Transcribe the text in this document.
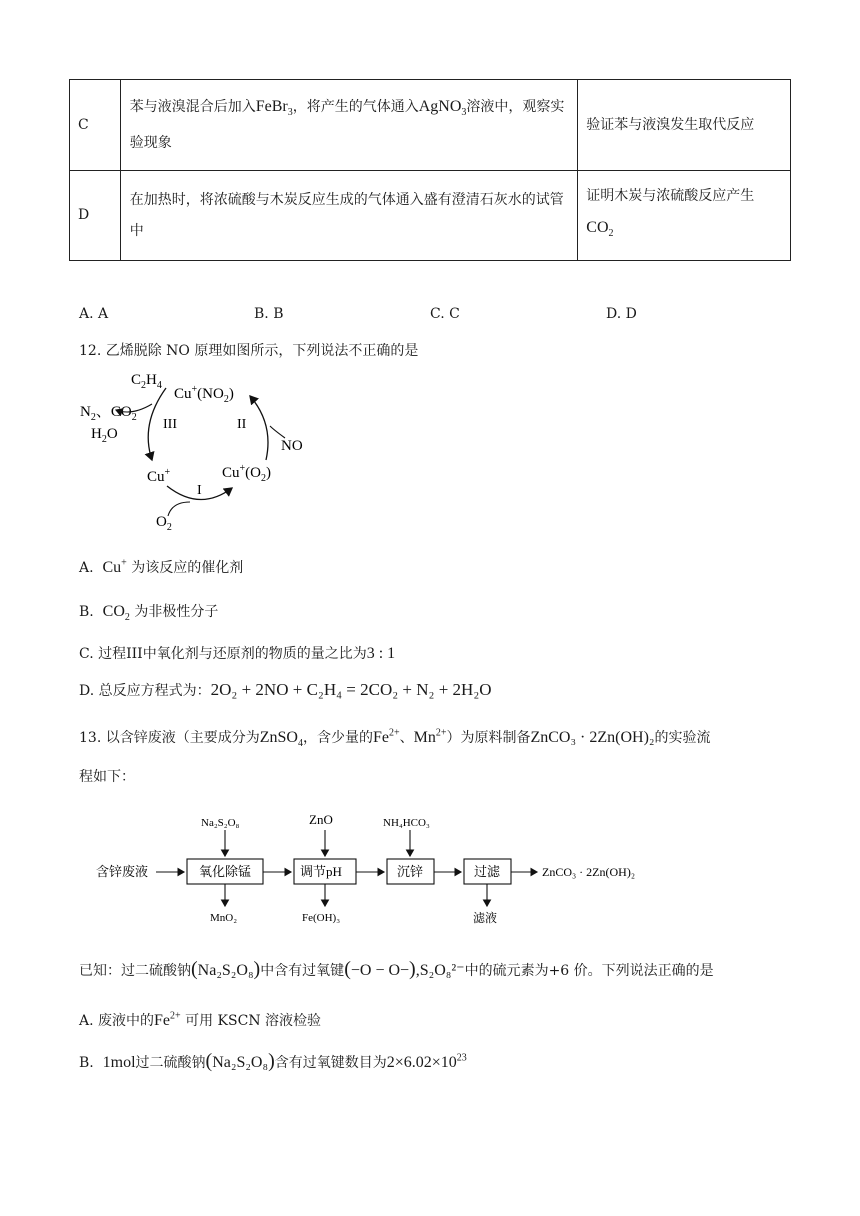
C	苯与液溴混合后加入FeBr$_3$，将产生的气体通入AgNO$_3$溶液中，观察实验现象	验证苯与液溴发生取代反应
D	在加热时，将浓硫酸与木炭反应生成的气体通入盛有澄清石灰水的试管中	证明木炭与浓硫酸反应产生
$CO_2$
A. A	B. B	C. C	D. D
12. 乙烯脱除 NO 原理如图所示，下列说法不正确的是
$C_2H_4$
$Cu^+(NO_2)$
$N_2$、$CO_2$
$H_2O$
III	II
NO
Cu+	$Cu^+(O_2)$
I
$O_2$
A. Cu+ 为该反应的催化剂
B. $CO_2$ 为非极性分子
C. 过程III中氧化剂与还原剂的物质的量之比为3 : 1
D. 总反应方程式为：2O₂ + 2NO + C₂H₄ = 2CO₂ + N₂ + 2H₂O
13. 以含锌废液（主要成分为ZnSO$_4$，含少量的$Fe^{2+}$、$Mn^{2+}$）为原料制备ZnCO₃ · 2Zn(OH)₂的实验流
程如下：
含锌废液	氧化除锰	调节pH	沉锌	过滤	ZnCO₃ · 2Zn(OH)₂
Na₂S₂O₈	ZnO	NH₄HCO₃
MnO₂	Fe(OH)₃	滤液
已知：过二硫酸钠(Na₂S₂O₈)中含有过氧键(−O − O−),S₂O₈²⁻中的硫元素为+6 价。下列说法正确的是
A. 废液中的$Fe^{2+}$ 可用 KSCN 溶液检验
B. 1mol过二硫酸钠(Na₂S₂O₈)含有过氧键数目为$2\times 6.02\times 10^{23}$
